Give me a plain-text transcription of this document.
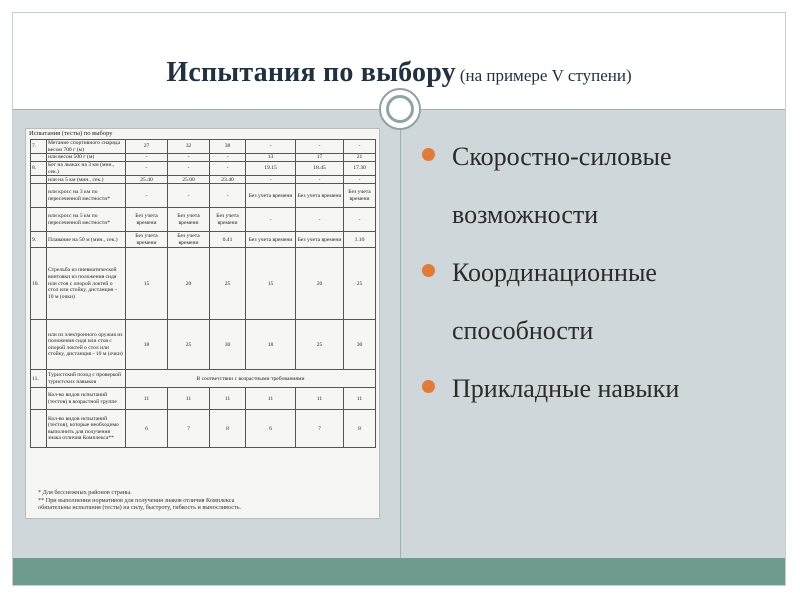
Испытания по выбору (на примере V ступени)
Испытания (тесты) по выбору
7.	Метание спортивного снаряда весом 700 г (м)	27	32	38	-	-	-
	или весом 500 г (м)	-	-	-	13	17	21
8.	Бег на лыжах на 3 км (мин., сек.)	-	-	-	19.15	18.45	17.30
	или на 5 км (мин., сек.)	25.40	25.00	23.40	-	-	-
	или кросс на 3 км по пересеченной местности*	-	-	-	Без учета времени	Без учета времени	Без учета времени
	или кросс на 5 км по пересеченной местности*	Без учета времени	Без учета времени	Без учета времени	-	-	-
9.	Плавание на 50 м (мин., сек.)	Без учета времени	Без учета времени	0.41	Без учета времени	Без учета времени	1.10
10.	Стрельба из пневматической винтовки из положения сидя или стоя с опорой локтей о стол или стойку, дистанция – 10 м (очки)	15	20	25	15	20	25
	или из электронного оружия из положения сидя или стоя с опорой локтей о стол или стойку, дистанция - 10 м (очки)	18	25	30	18	25	30
11.	Туристский поход с проверкой туристских навыков	В соответствии с возрастными требованиями					
	Кол-во видов испытаний (тестов) в возрастной группе	11	11	11	11	11	11
	Кол-во видов испытаний (тестов), которые необходимо выполнить для получения знака отличия Комплекса**	6	7	8	6	7	8
* Для бесснежных районов страны.
** При выполнении нормативов для получения знаков отличия Комплекса
обязательны испытания (тесты) на силу, быстроту, гибкость и выносливость.
Скоростно-силовые
возможности
Координационные
способности
Прикладные навыки
